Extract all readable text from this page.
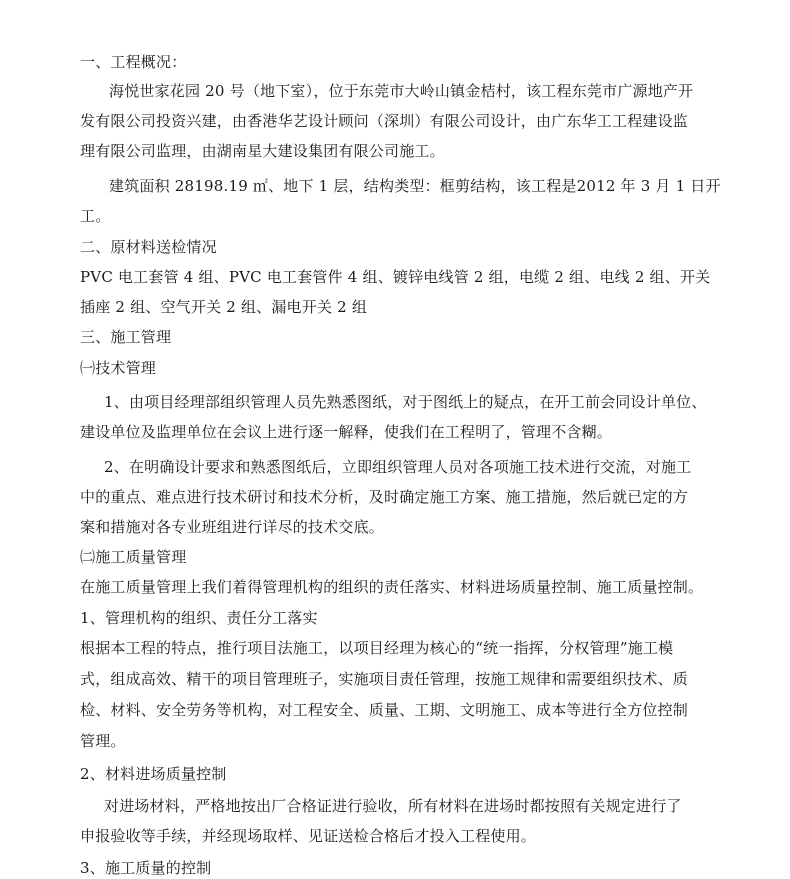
一、工程概况：
海悦世家花园 20 号（地下室），位于东莞市大岭山镇金桔村，该工程东莞市广源地产开
发有限公司投资兴建，由香港华艺设计顾问（深圳）有限公司设计，由广东华工工程建设监
理有限公司监理，由湖南星大建设集团有限公司施工。
建筑面积 28198.19 ㎡、地下 1 层，结构类型：框剪结构，该工程是2012 年 3 月 1 日开
工。
二、原材料送检情况
PVC 电工套管 4 组、PVC 电工套管件 4 组、镀锌电线管 2 组，电缆 2 组、电线 2 组、开关
插座 2 组、空气开关 2 组、漏电开关 2 组
三、施工管理
㈠技术管理
1、由项目经理部组织管理人员先熟悉图纸，对于图纸上的疑点，在开工前会同设计单位、
建设单位及监理单位在会议上进行逐一解释，使我们在工程明了，管理不含糊。
2、在明确设计要求和熟悉图纸后，立即组织管理人员对各项施工技术进行交流，对施工
中的重点、难点进行技术研讨和技术分析，及时确定施工方案、施工措施，然后就已定的方
案和措施对各专业班组进行详尽的技术交底。
㈡施工质量管理
在施工质量管理上我们着得管理机构的组织的责任落实、材料进场质量控制、施工质量控制。
1、管理机构的组织、责任分工落实
根据本工程的特点，推行项目法施工，以项目经理为核心的“统一指挥，分权管理”施工模
式，组成高效、精干的项目管理班子，实施项目责任管理，按施工规律和需要组织技术、质
检、材料、安全劳务等机构，对工程安全、质量、工期、文明施工、成本等进行全方位控制
管理。
2、材料进场质量控制
对进场材料，严格地按出厂合格证进行验收，所有材料在进场时都按照有关规定进行了
申报验收等手续，并经现场取样、见证送检合格后才投入工程使用。
3、施工质量的控制
